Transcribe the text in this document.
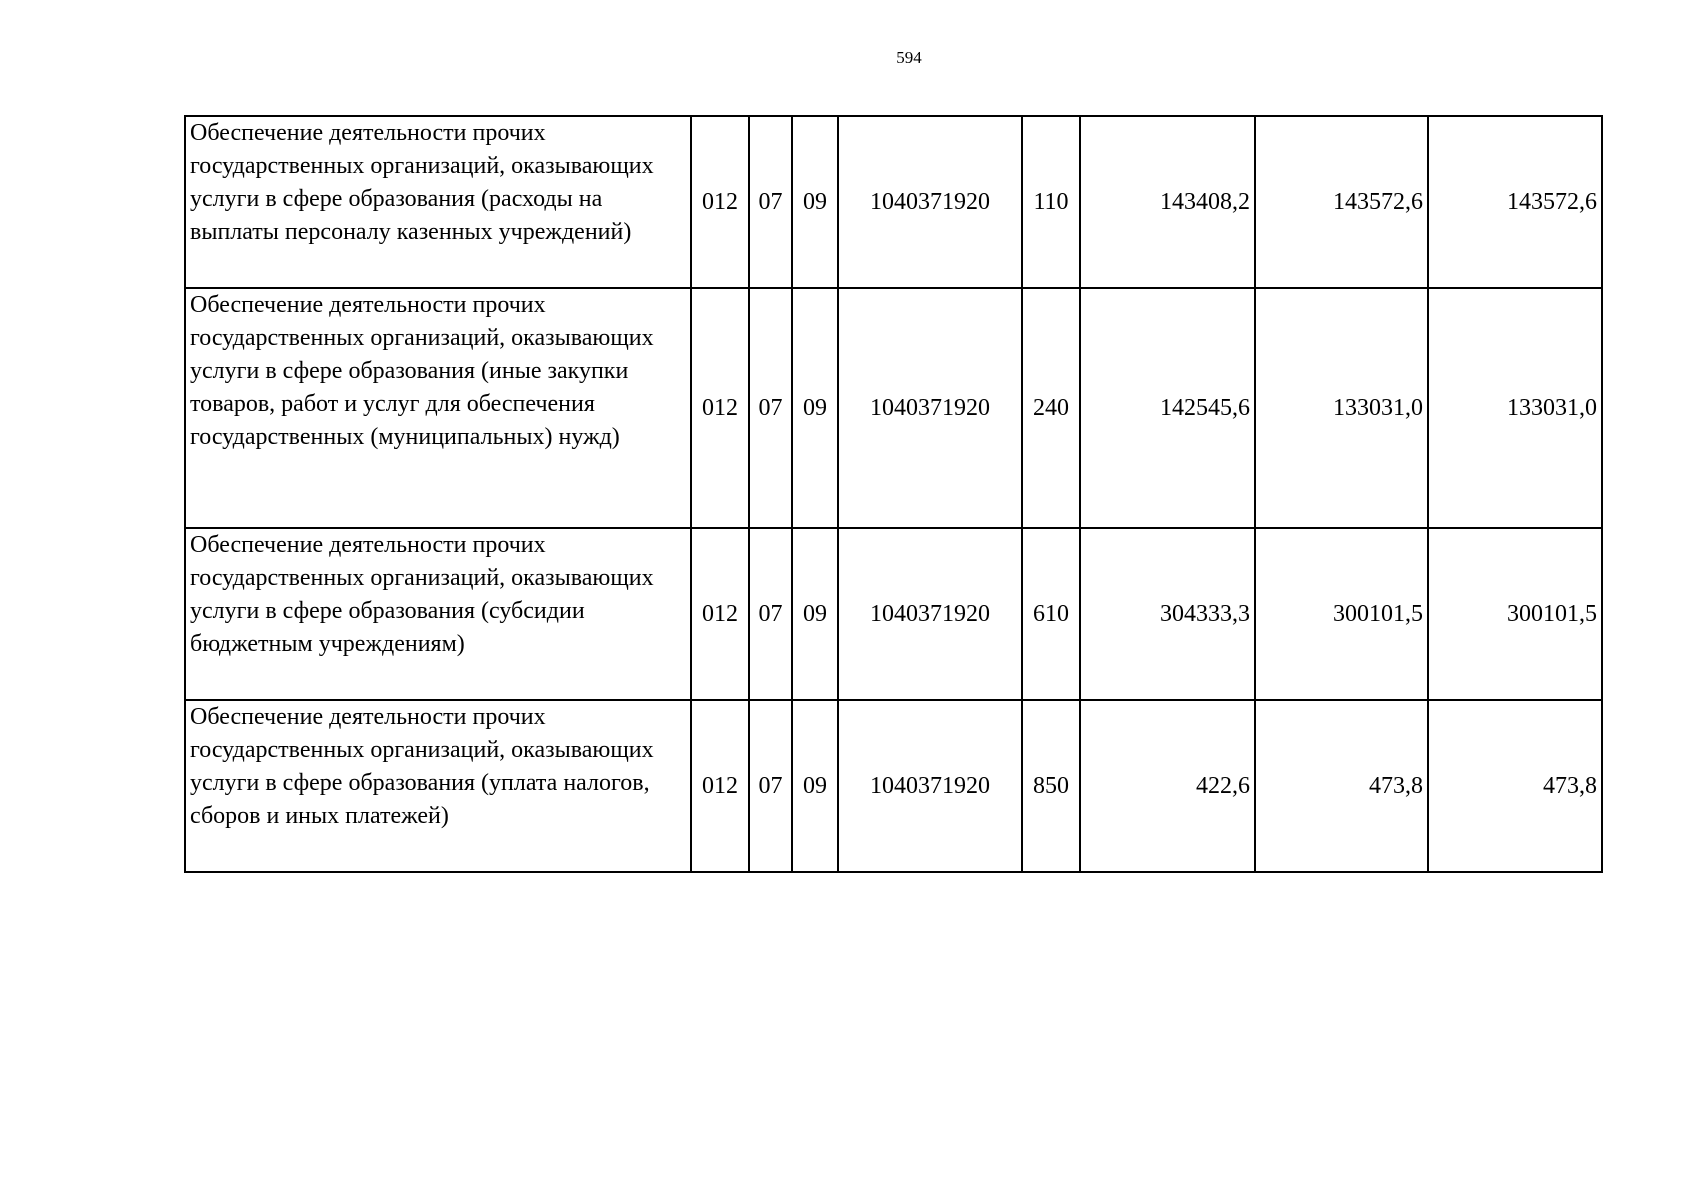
594
Обеспечение деятельности прочих государственных организаций, оказывающих услуги в сфере образования (расходы на выплаты персоналу казенных учреждений)	012	07	09	1040371920	110	143408,2	143572,6	143572,6
Обеспечение деятельности прочих государственных организаций, оказывающих услуги в сфере образования (иные закупки товаров, работ и услуг для обеспечения государственных (муниципальных) нужд)	012	07	09	1040371920	240	142545,6	133031,0	133031,0
Обеспечение деятельности прочих государственных организаций, оказывающих услуги в сфере образования (субсидии бюджетным учреждениям)	012	07	09	1040371920	610	304333,3	300101,5	300101,5
Обеспечение деятельности прочих государственных организаций, оказывающих услуги в сфере образования (уплата налогов, сборов и иных платежей)	012	07	09	1040371920	850	422,6	473,8	473,8
